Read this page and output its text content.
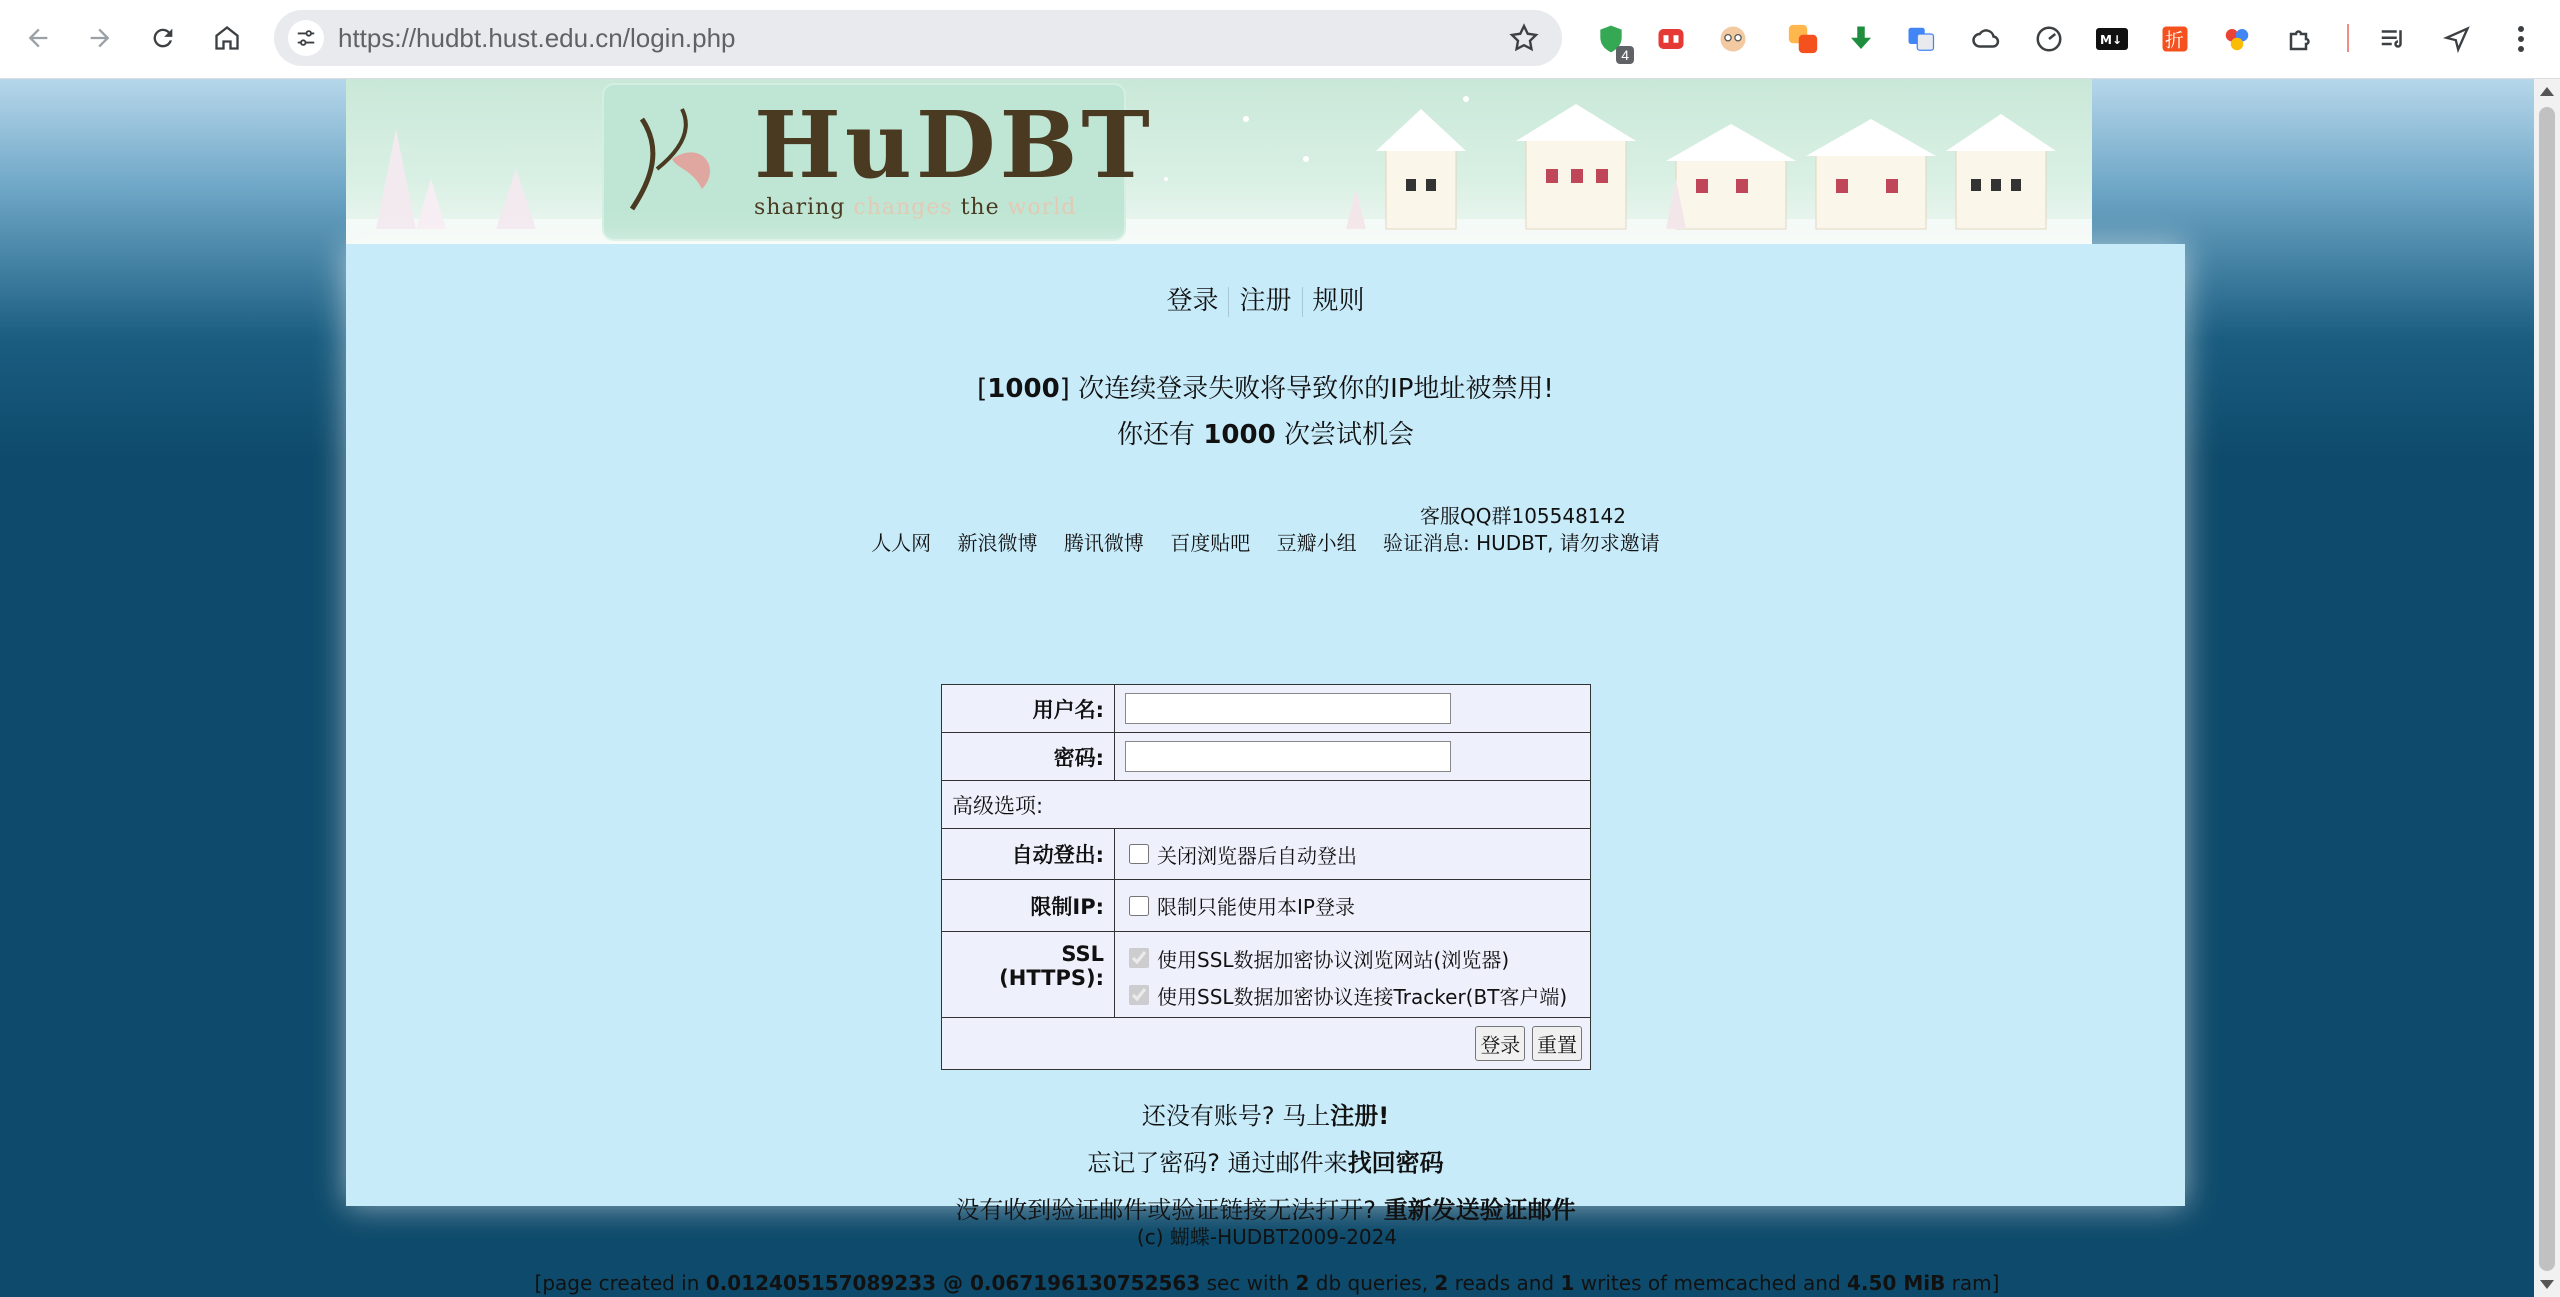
https://hudbt.hust.edu.cn/login.php
4
M↓	折
HuDBT
sharing changes the world
登录 注册 规则
[1000] 次连续登录失败将导致你的IP地址被禁用!
你还有 1000 次尝试机会
客服QQ群105548142
人人网 新浪微博 腾讯微博 百度贴吧 豆瓣小组 验证消息: HUDBT, 请勿求邀请
用户名:	
密码:	
高级选项:	
自动登出:	关闭浏览器后自动登出
限制IP:	限制只能使用本IP登录
SSL (HTTPS):	使用SSL数据加密协议浏览网站(浏览器)
使用SSL数据加密协议连接Tracker(BT客户端)

登录 重置	
还没有账号? 马上注册!
忘记了密码? 通过邮件来找回密码
没有收到验证邮件或验证链接无法打开? 重新发送验证邮件
(c) 蝴蝶-HUDBT2009-2024
[page created in 0.012405157089233 @ 0.067196130752563 sec with 2 db queries, 2 reads and 1 writes of memcached and 4.50 MiB ram]
